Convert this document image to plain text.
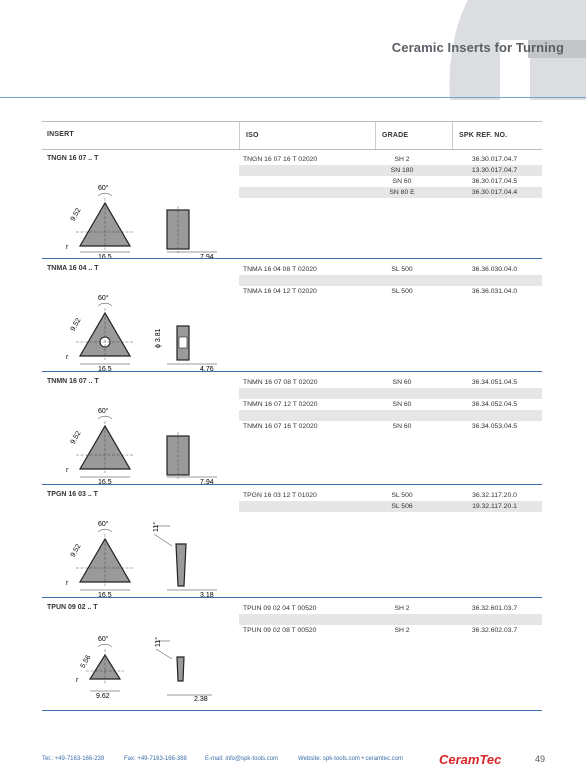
Ceramic Inserts for Turning
INSERT	ISO	GRADE	SPK REF. NO.
TNGN 16 07 .. T
60°
9.52
r
16.5	7.94
TNGN 16 07 16 T 02020	SH 2	36.30.017.04.7
SN 180	13.30.017.04.7
SN 60	36.30.017.04.5
SN 80 E	36.30.017.04.4
TNMA 16 04 .. T
60°
9.52
r
16.5
ϕ 3.81
4.76
TNMA 16 04 08 T 02020	SL 500	36.36.030.04.0
TNMA 16 04 12 T 02020	SL 500	36.36.031.04.0
TNMN 16 07 .. T
60°
9.52
r
16.5	7.94
TNMN 16 07 08 T 02020	SN 60	36.34.051.04.5
TNMN 16 07 12 T 02020	SN 60	36.34.052.04.5
TNMN 16 07 16 T 02020	SN 60	36.34.053.04.5
TPGN 16 03 .. T
60°
9.52
r
16.5
11°
3.18
TPGN 16 03 12 T 01020	SL 500	36.32.117.20.0
SL 506	19.32.117.20.1
TPUN 09 02 .. T
60°
5.56
r
9.62
11°
2.38
TPUN 09 02 04 T 00520	SH 2	36.32.601.03.7
TPUN 09 02 08 T 00520	SH 2	36.32.602.03.7
Tel.: +49-7163-166-239	Fax: +49-7163-166-388	E-mail: info@spk-tools.com	Website: spk-tools.com • ceramtec.com	CeramTec	49
